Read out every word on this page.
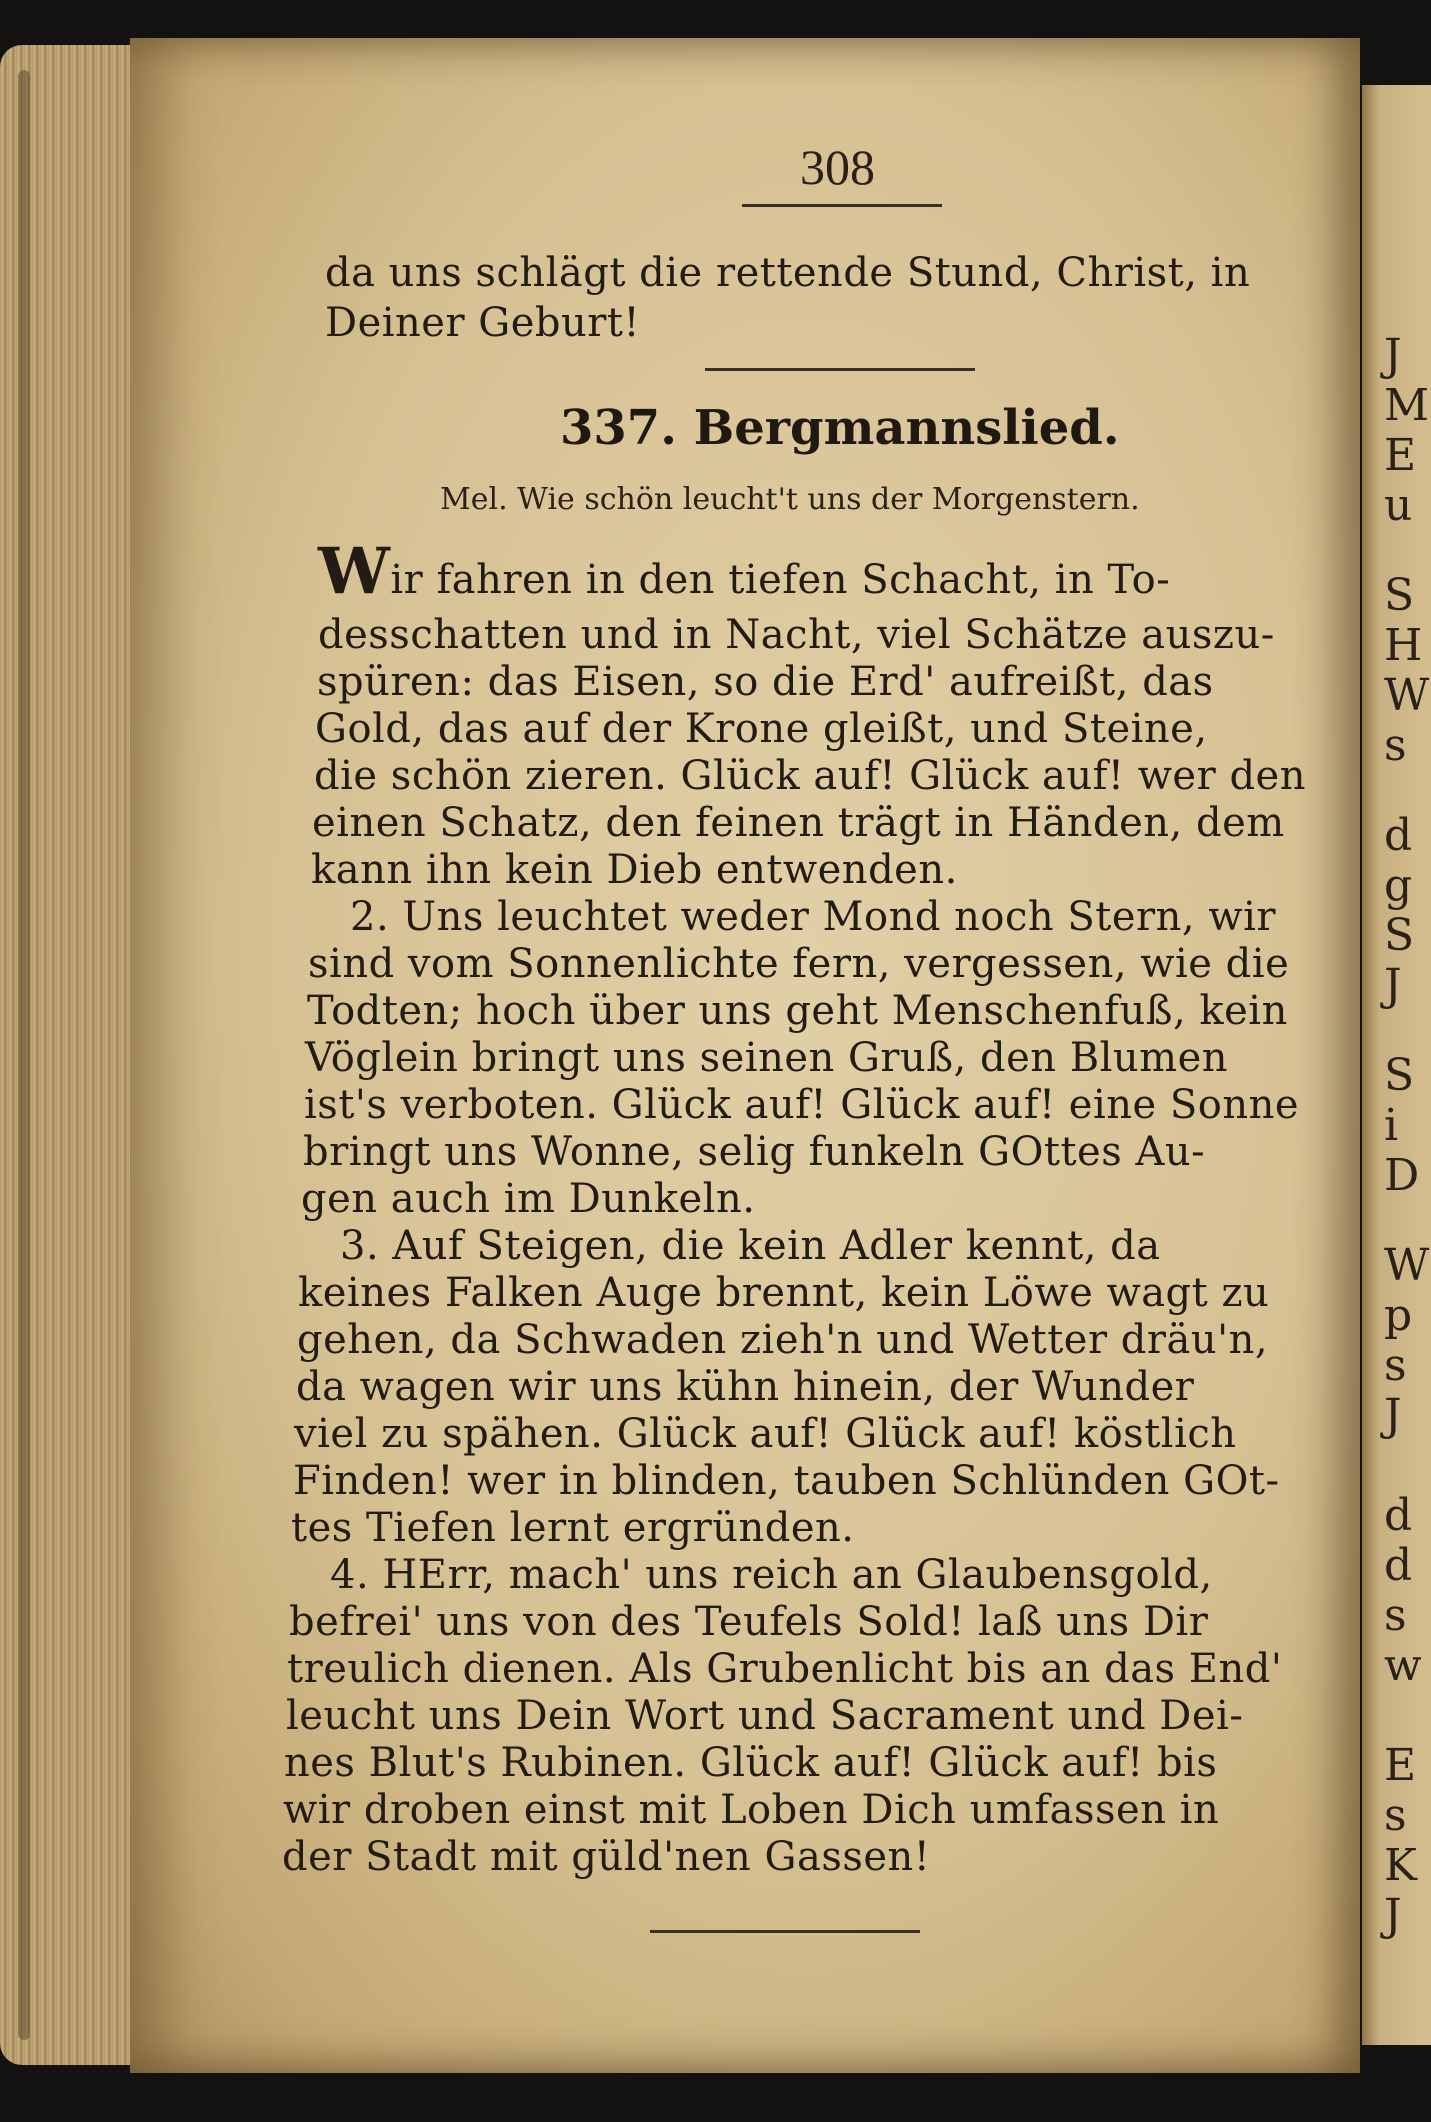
J
M
E
u
S
H
W
s
d
g
S
J
S
i
D
W
p
s
J
d
d
s
w
E
s
K
J
308
da uns schlägt die rettende Stund, Christ, in
Deiner Geburt!
337. Bergmannslied.
Mel. Wie schön leucht't uns der Morgenstern.
Wir fahren in den tiefen Schacht, in To-
desschatten und in Nacht, viel Schätze auszu-
spüren: das Eisen, so die Erd' aufreißt, das
Gold, das auf der Krone gleißt, und Steine,
die schön zieren. Glück auf! Glück auf! wer den
einen Schatz, den feinen trägt in Händen, dem
kann ihn kein Dieb entwenden.
2. Uns leuchtet weder Mond noch Stern, wir
sind vom Sonnenlichte fern, vergessen, wie die
Todten; hoch über uns geht Menschenfuß, kein
Vöglein bringt uns seinen Gruß, den Blumen
ist's verboten. Glück auf! Glück auf! eine Sonne
bringt uns Wonne, selig funkeln GOttes Au-
gen auch im Dunkeln.
3. Auf Steigen, die kein Adler kennt, da
keines Falken Auge brennt, kein Löwe wagt zu
gehen, da Schwaden zieh'n und Wetter dräu'n,
da wagen wir uns kühn hinein, der Wunder
viel zu spähen. Glück auf! Glück auf! köstlich
Finden! wer in blinden, tauben Schlünden GOt-
tes Tiefen lernt ergründen.
4. HErr, mach' uns reich an Glaubensgold,
befrei' uns von des Teufels Sold! laß uns Dir
treulich dienen. Als Grubenlicht bis an das End'
leucht uns Dein Wort und Sacrament und Dei-
nes Blut's Rubinen. Glück auf! Glück auf! bis
wir droben einst mit Loben Dich umfassen in
der Stadt mit güld'nen Gassen!
